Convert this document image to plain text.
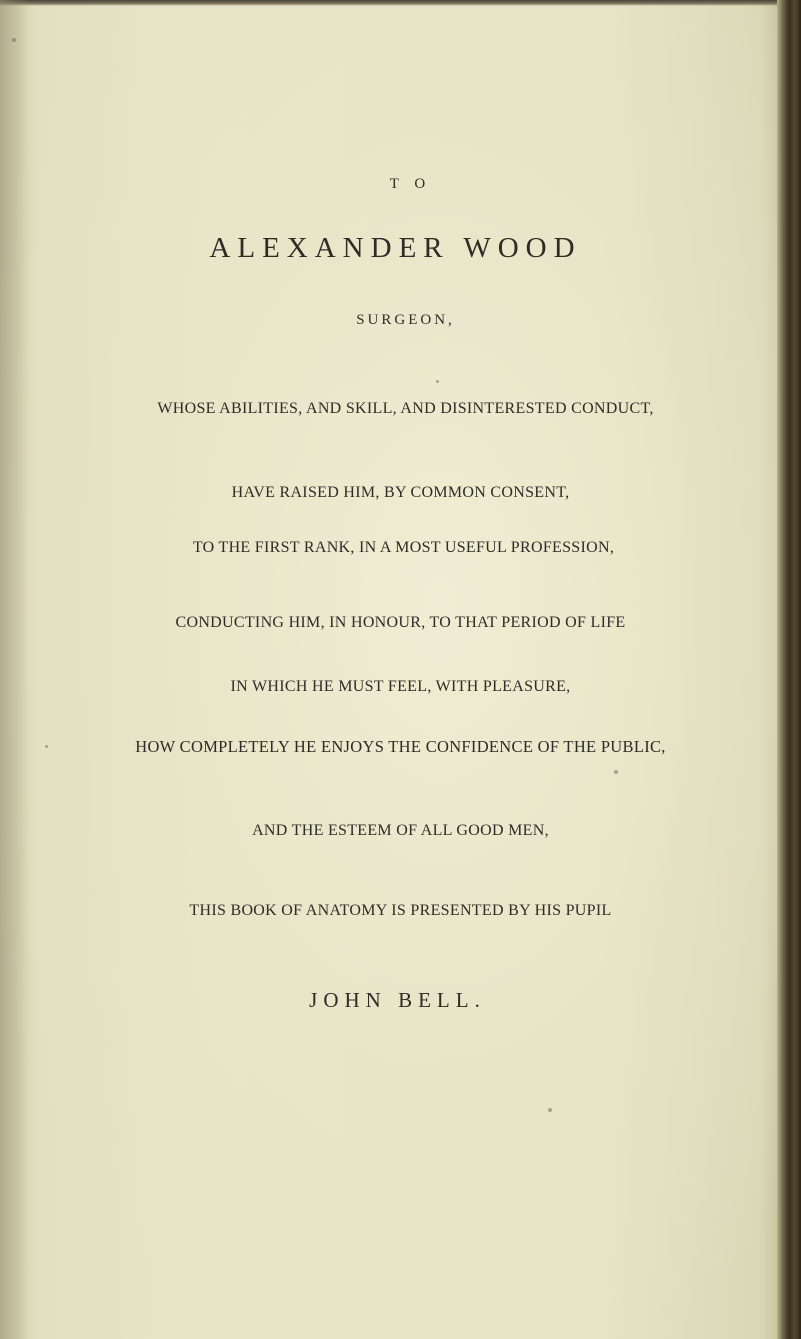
T O

ALEXANDER WOOD

SURGEON,

WHOSE ABILITIES, AND SKILL, AND DISINTERESTED CONDUCT,

HAVE RAISED HIM, BY COMMON CONSENT,

TO THE FIRST RANK, IN A MOST USEFUL PROFESSION,

CONDUCTING HIM, IN HONOUR, TO THAT PERIOD OF LIFE

IN WHICH HE MUST FEEL, WITH PLEASURE,

HOW COMPLETELY HE ENJOYS THE CONFIDENCE OF THE PUBLIC,

AND THE ESTEEM OF ALL GOOD MEN,

THIS BOOK OF ANATOMY IS PRESENTED BY HIS PUPIL

JOHN BELL.
